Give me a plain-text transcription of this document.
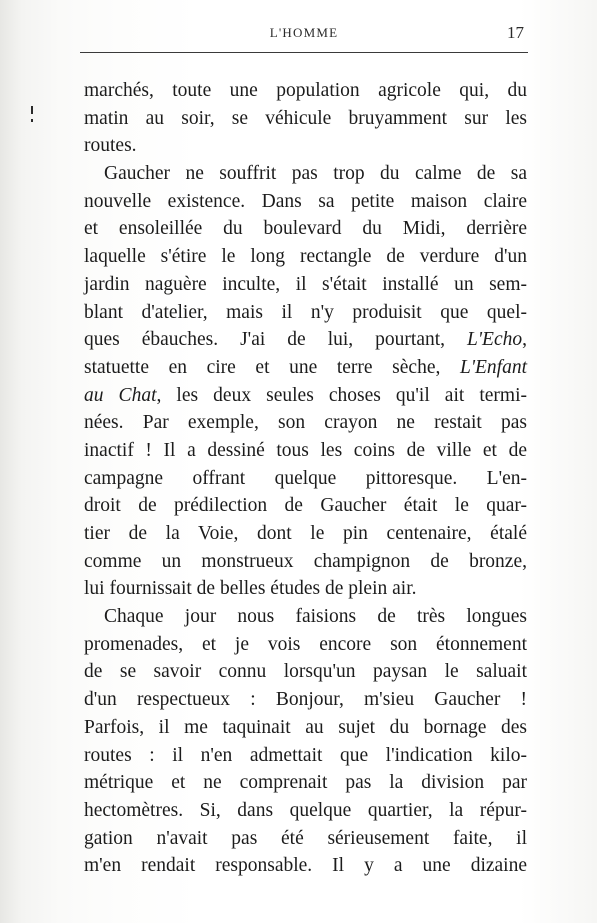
L'HOMME	17
marchés, toute une population agricole qui, du
matin au soir, se véhicule bruyamment sur les
routes.
Gaucher ne souffrit pas trop du calme de sa
nouvelle existence. Dans sa petite maison claire
et ensoleillée du boulevard du Midi, derrière
laquelle s'étire le long rectangle de verdure d'un
jardin naguère inculte, il s'était installé un sem-
blant d'atelier, mais il n'y produisit que quel-
ques ébauches. J'ai de lui, pourtant, L'Echo,
statuette en cire et une terre sèche, L'Enfant
au Chat, les deux seules choses qu'il ait termi-
nées. Par exemple, son crayon ne restait pas
inactif ! Il a dessiné tous les coins de ville et de
campagne offrant quelque pittoresque. L'en-
droit de prédilection de Gaucher était le quar-
tier de la Voie, dont le pin centenaire, étalé
comme un monstrueux champignon de bronze,
lui fournissait de belles études de plein air.
Chaque jour nous faisions de très longues
promenades, et je vois encore son étonnement
de se savoir connu lorsqu'un paysan le saluait
d'un respectueux : Bonjour, m'sieu Gaucher !
Parfois, il me taquinait au sujet du bornage des
routes : il n'en admettait que l'indication kilo-
métrique et ne comprenait pas la division par
hectomètres. Si, dans quelque quartier, la répur-
gation n'avait pas été sérieusement faite, il
m'en rendait responsable. Il y a une dizaine
